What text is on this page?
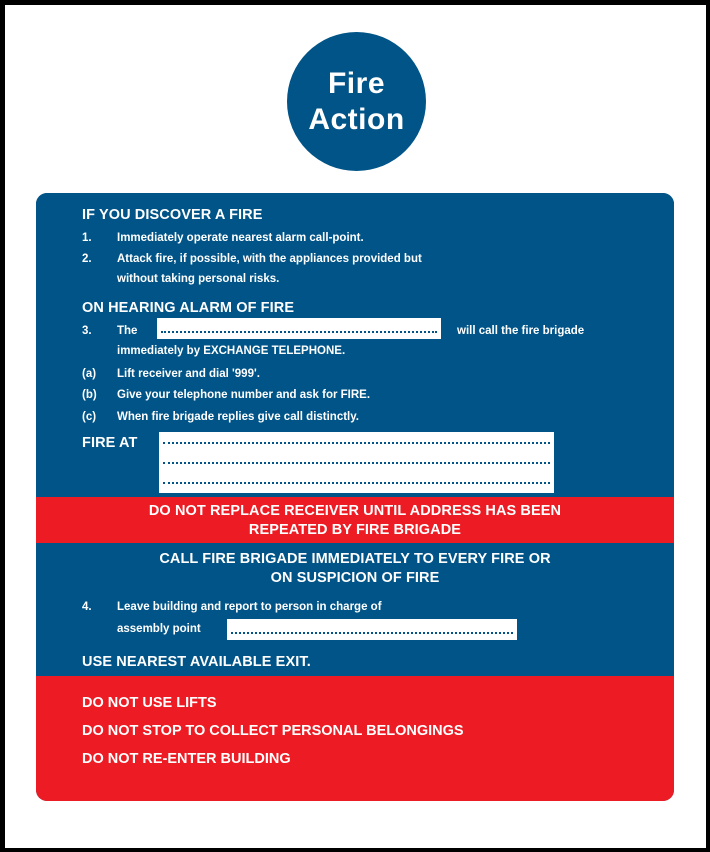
Fire
Action
IF YOU DISCOVER A FIRE
1. Immediately operate nearest alarm call-point.
2. Attack fire, if possible, with the appliances provided but
without taking personal risks.
ON HEARING ALARM OF FIRE
3. The	will call the fire brigade
immediately by EXCHANGE TELEPHONE.
(a) Lift receiver and dial '999'.
(b) Give your telephone number and ask for FIRE.
(c) When fire brigade replies give call distinctly.
FIRE AT
DO NOT REPLACE RECEIVER UNTIL ADDRESS HAS BEEN
REPEATED BY FIRE BRIGADE
CALL FIRE BRIGADE IMMEDIATELY TO EVERY FIRE OR
ON SUSPICION OF FIRE
4. Leave building and report to person in charge of
assembly point
USE NEAREST AVAILABLE EXIT.
DO NOT USE LIFTS
DO NOT STOP TO COLLECT PERSONAL BELONGINGS
DO NOT RE-ENTER BUILDING
